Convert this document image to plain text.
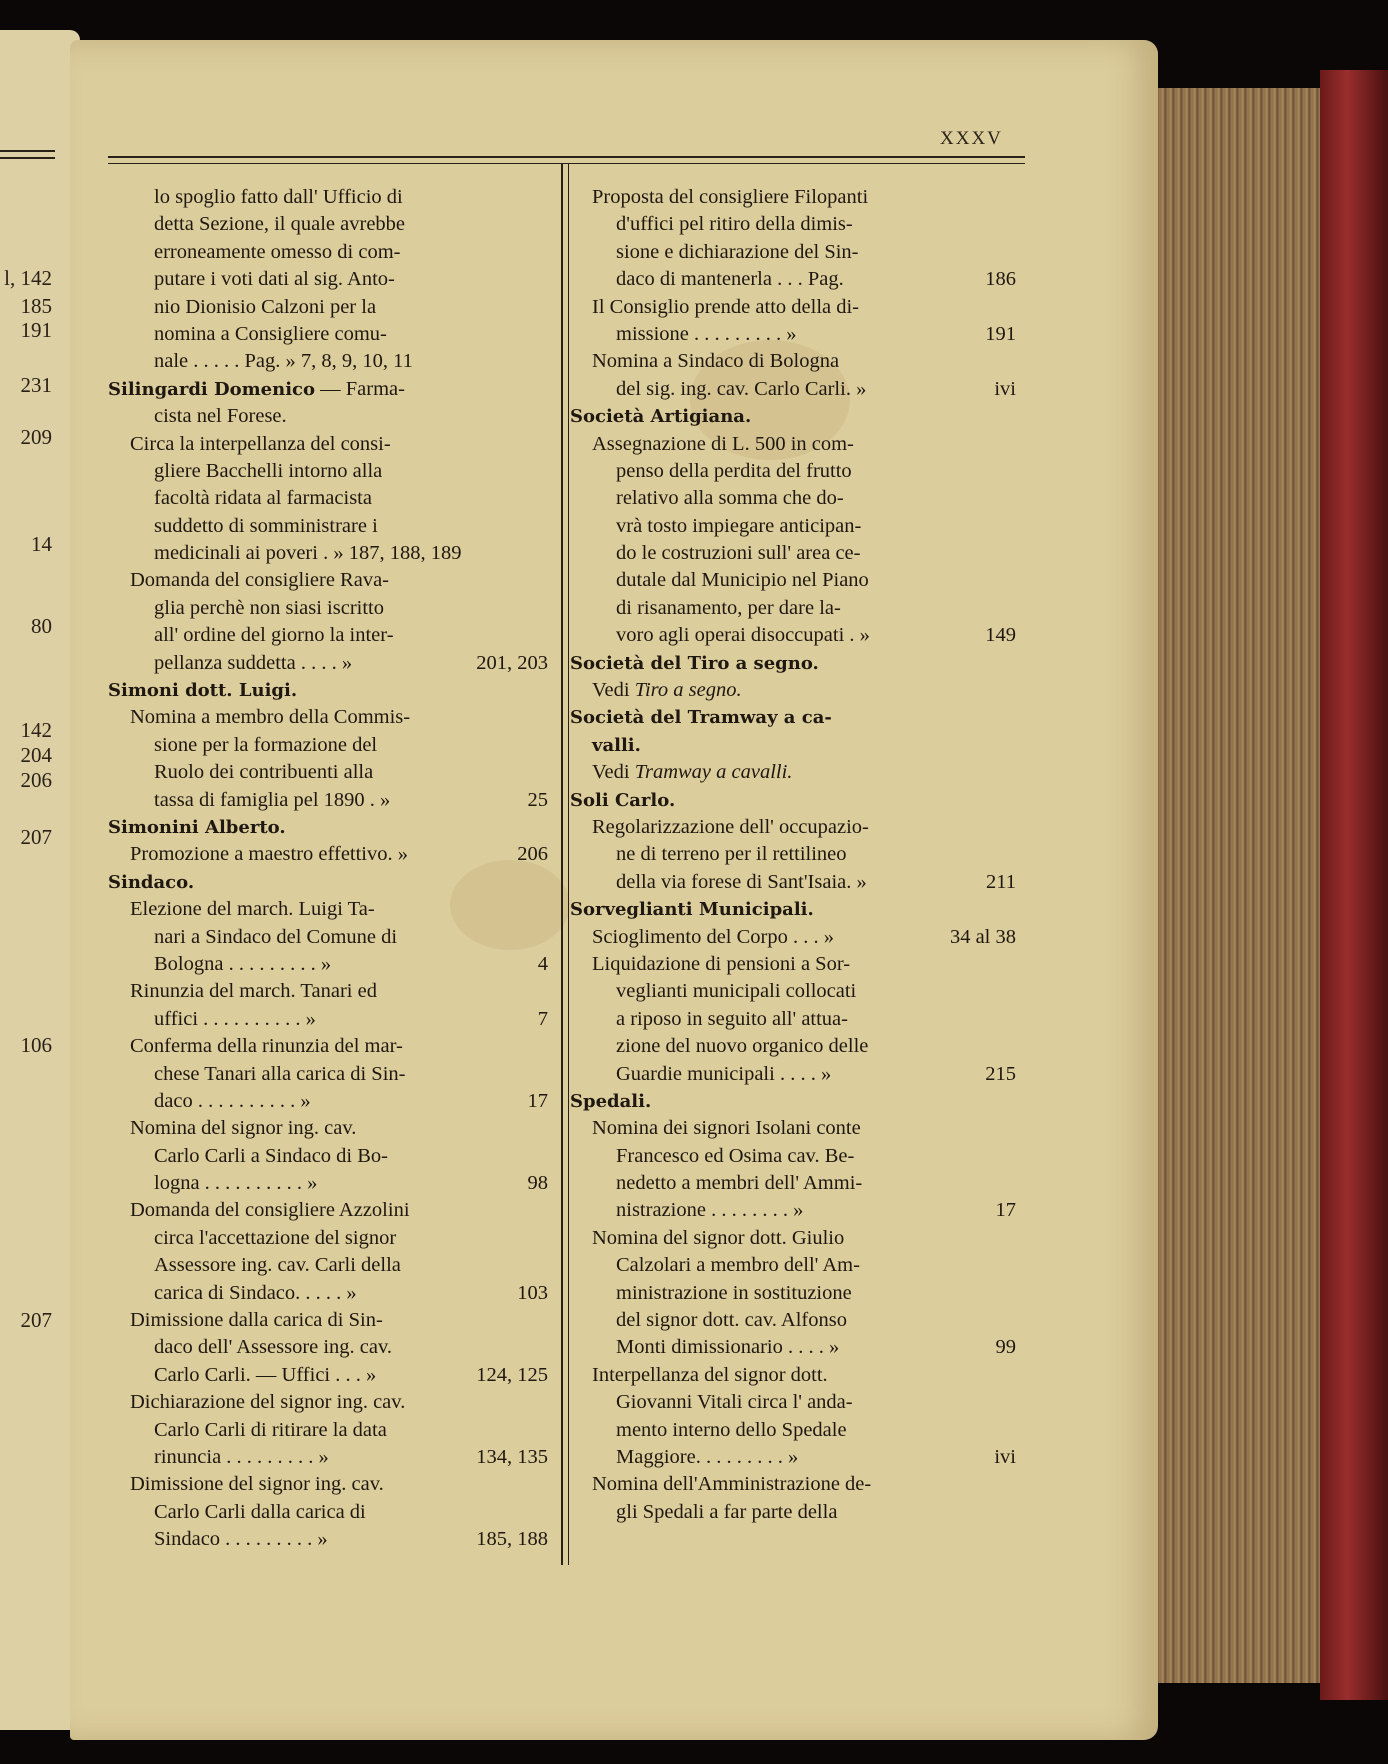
l, 142
185
191
231
209
14
80
142
204
206
207
106
207
XXXV
lo spoglio fatto dall' Ufficio di
detta Sezione, il quale avrebbe
erroneamente omesso di com-
putare i voti dati al sig. Anto-
nio Dionisio Calzoni per la
nomina a Consigliere comu-
nale . . . . . Pag. » 7, 8, 9, 10, 11
Silingardi Domenico — Farma-
cista nel Forese.
Circa la interpellanza del consi-
gliere Bacchelli intorno alla
facoltà ridata al farmacista
suddetto di somministrare i
medicinali ai poveri . » 187, 188, 189
Domanda del consigliere Rava-
glia perchè non siasi iscritto
all' ordine del giorno la inter-
pellanza suddetta . . . . »	201, 203
Simoni dott. Luigi.
Nomina a membro della Commis-
sione per la formazione del
Ruolo dei contribuenti alla
tassa di famiglia pel 1890 . »	25
Simonini Alberto.
Promozione a maestro effettivo. »	206
Sindaco.
Elezione del march. Luigi Ta-
nari a Sindaco del Comune di
Bologna . . . . . . . . . »	4
Rinunzia del march. Tanari ed
uffici . . . . . . . . . . »	7
Conferma della rinunzia del mar-
chese Tanari alla carica di Sin-
daco . . . . . . . . . . »	17
Nomina del signor ing. cav.
Carlo Carli a Sindaco di Bo-
logna . . . . . . . . . . »	98
Domanda del consigliere Azzolini
circa l'accettazione del signor
Assessore ing. cav. Carli della
carica di Sindaco. . . . . »	103
Dimissione dalla carica di Sin-
daco dell' Assessore ing. cav.
Carlo Carli. — Uffici . . . »	124, 125
Dichiarazione del signor ing. cav.
Carlo Carli di ritirare la data
rinuncia . . . . . . . . . »	134, 135
Dimissione del signor ing. cav.
Carlo Carli dalla carica di
Sindaco . . . . . . . . . »	185, 188
Proposta del consigliere Filopanti
d'uffici pel ritiro della dimis-
sione e dichiarazione del Sin-
daco di mantenerla . . . Pag.	186
Il Consiglio prende atto della di-
missione . . . . . . . . . »	191
Nomina a Sindaco di Bologna
del sig. ing. cav. Carlo Carli. »	ivi
Società Artigiana.
Assegnazione di L. 500 in com-
penso della perdita del frutto
relativo alla somma che do-
vrà tosto impiegare anticipan-
do le costruzioni sull' area ce-
dutale dal Municipio nel Piano
di risanamento, per dare la-
voro agli operai disoccupati . »	149
Società del Tiro a segno.
Vedi Tiro a segno.
Società del Tramway a ca-
valli.
Vedi Tramway a cavalli.
Soli Carlo.
Regolarizzazione dell' occupazio-
ne di terreno per il rettilineo
della via forese di Sant'Isaia. »	211
Sorveglianti Municipali.
Scioglimento del Corpo . . . »	34 al 38
Liquidazione di pensioni a Sor-
veglianti municipali collocati
a riposo in seguito all' attua-
zione del nuovo organico delle
Guardie municipali . . . . »	215
Spedali.
Nomina dei signori Isolani conte
Francesco ed Osima cav. Be-
nedetto a membri dell' Ammi-
nistrazione . . . . . . . . »	17
Nomina del signor dott. Giulio
Calzolari a membro dell' Am-
ministrazione in sostituzione
del signor dott. cav. Alfonso
Monti dimissionario . . . . »	99
Interpellanza del signor dott.
Giovanni Vitali circa l' anda-
mento interno dello Spedale
Maggiore. . . . . . . . . »	ivi
Nomina dell'Amministrazione de-
gli Spedali a far parte della
